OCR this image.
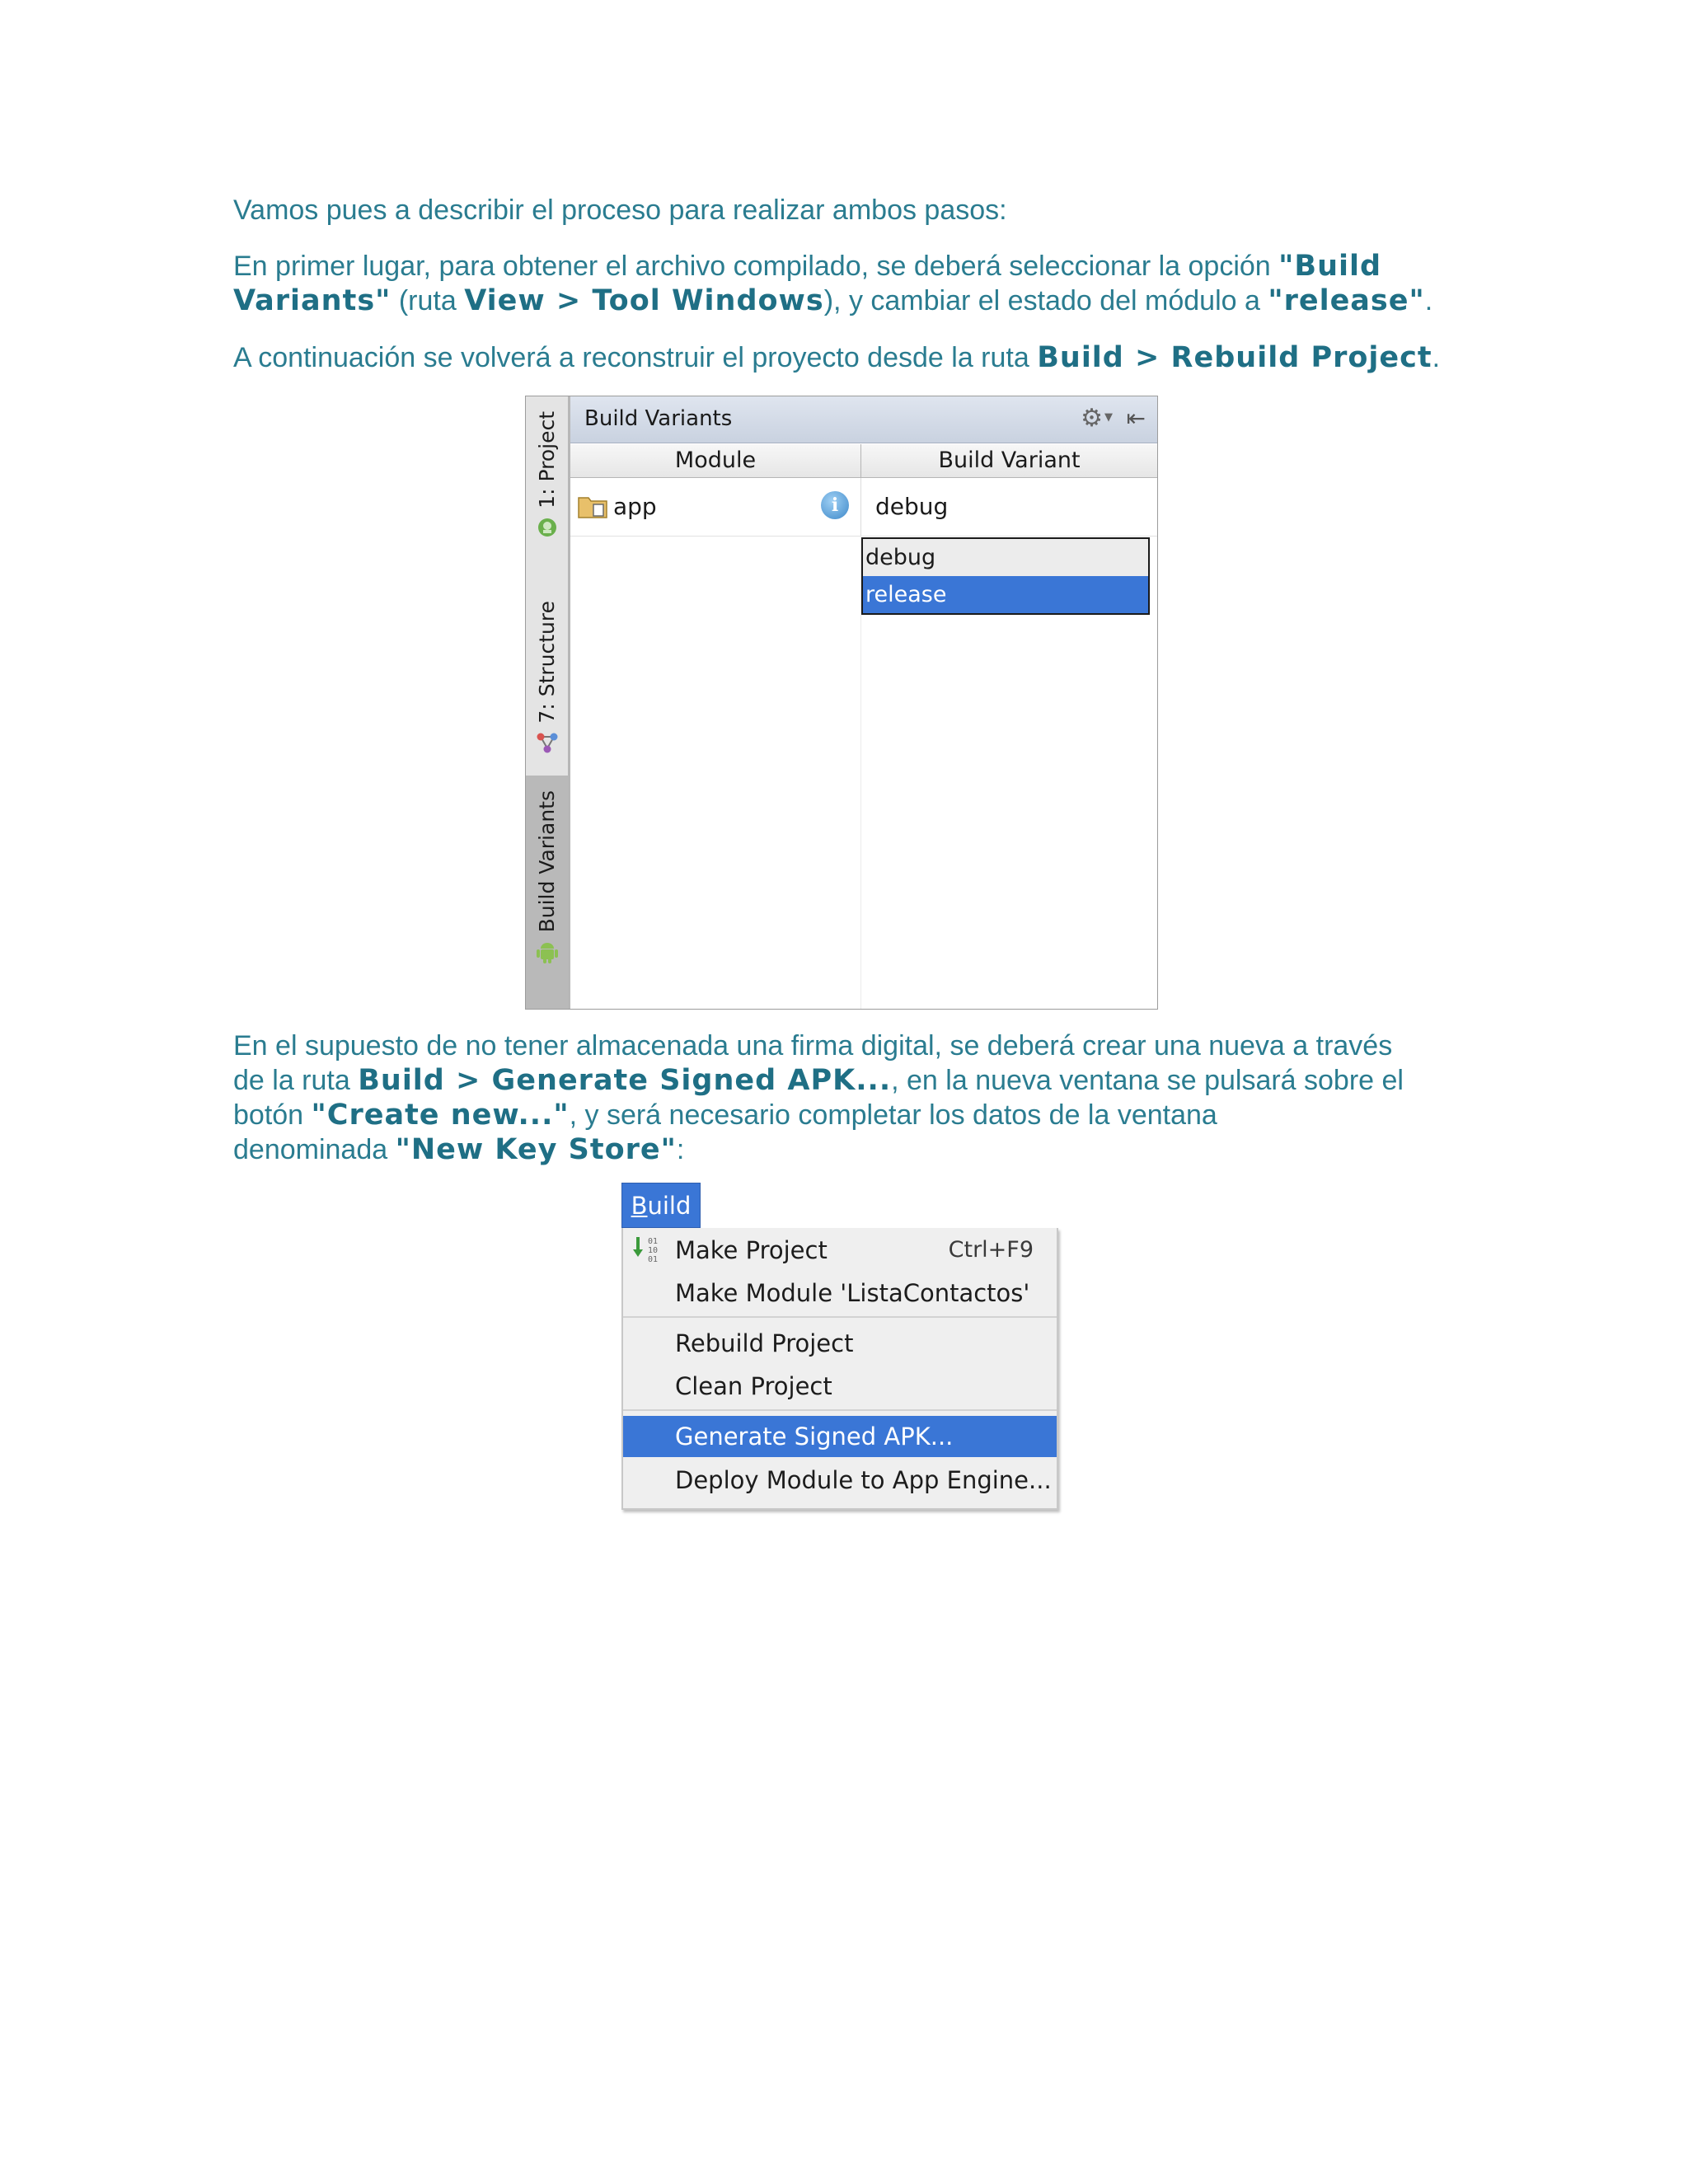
Vamos pues a describir el proceso para realizar ambos pasos:

En primer lugar, para obtener el archivo compilado, se deberá seleccionar la opción "Build
Variants" (ruta View > Tool Windows), y cambiar el estado del módulo a "release".

A continuación se volverá a reconstruir el proyecto desde la ruta Build > Rebuild Project.

1: Project
7: Structure
Build Variants
Build Variants	⚙ ▼ ⇤
Module	Build Variant
app	i	debug
debug
release

En el supuesto de no tener almacenada una firma digital, se deberá crear una nueva a través
de la ruta Build > Generate Signed APK..., en la nueva ventana se pulsará sobre el
botón "Create new...", y será necesario completar los datos de la ventana
denominada "New Key Store":

Build
01
10
01 Make Project	Ctrl+F9
Make Module 'ListaContactos'
Rebuild Project
Clean Project
Generate Signed APK...
Deploy Module to App Engine...
